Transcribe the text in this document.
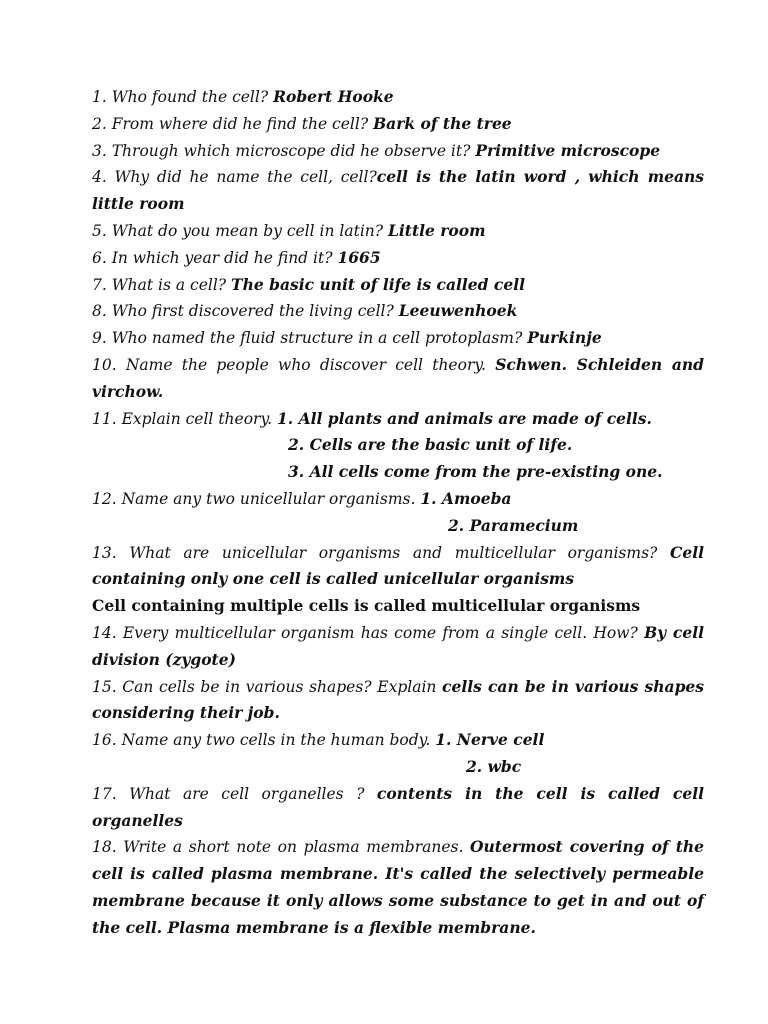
1. Who found the cell? Robert Hooke
2. From where did he find the cell? Bark of the tree
3. Through which microscope did he observe it? Primitive microscope
4. Why did he name the cell, cell?cell is the latin word , which means little room
5. What do you mean by cell in latin? Little room
6. In which year did he find it? 1665
7. What is a cell? The basic unit of life is called cell
8. Who first discovered the living cell? Leeuwenhoek
9. Who named the fluid structure in a cell protoplasm? Purkinje
10. Name the people who discover cell theory. Schwen. Schleiden and virchow.
11. Explain cell theory. 1. All plants and animals are made of cells.
2. Cells are the basic unit of life.
3. All cells come from the pre-existing one.
12. Name any two unicellular organisms. 1. Amoeba
2. Paramecium
13. What are unicellular organisms and multicellular organisms? Cell containing only one cell is called unicellular organisms
Cell containing multiple cells is called multicellular organisms
14. Every multicellular organism has come from a single cell. How? By cell division (zygote)
15. Can cells be in various shapes? Explain cells can be in various shapes considering their job.
16. Name any two cells in the human body. 1. Nerve cell
2. wbc
17. What are cell organelles ? contents in the cell is called cell organelles
18. Write a short note on plasma membranes. Outermost covering of the cell is called plasma membrane. It's called the selectively permeable membrane because it only allows some substance to get in and out of the cell. Plasma membrane is a flexible membrane.
